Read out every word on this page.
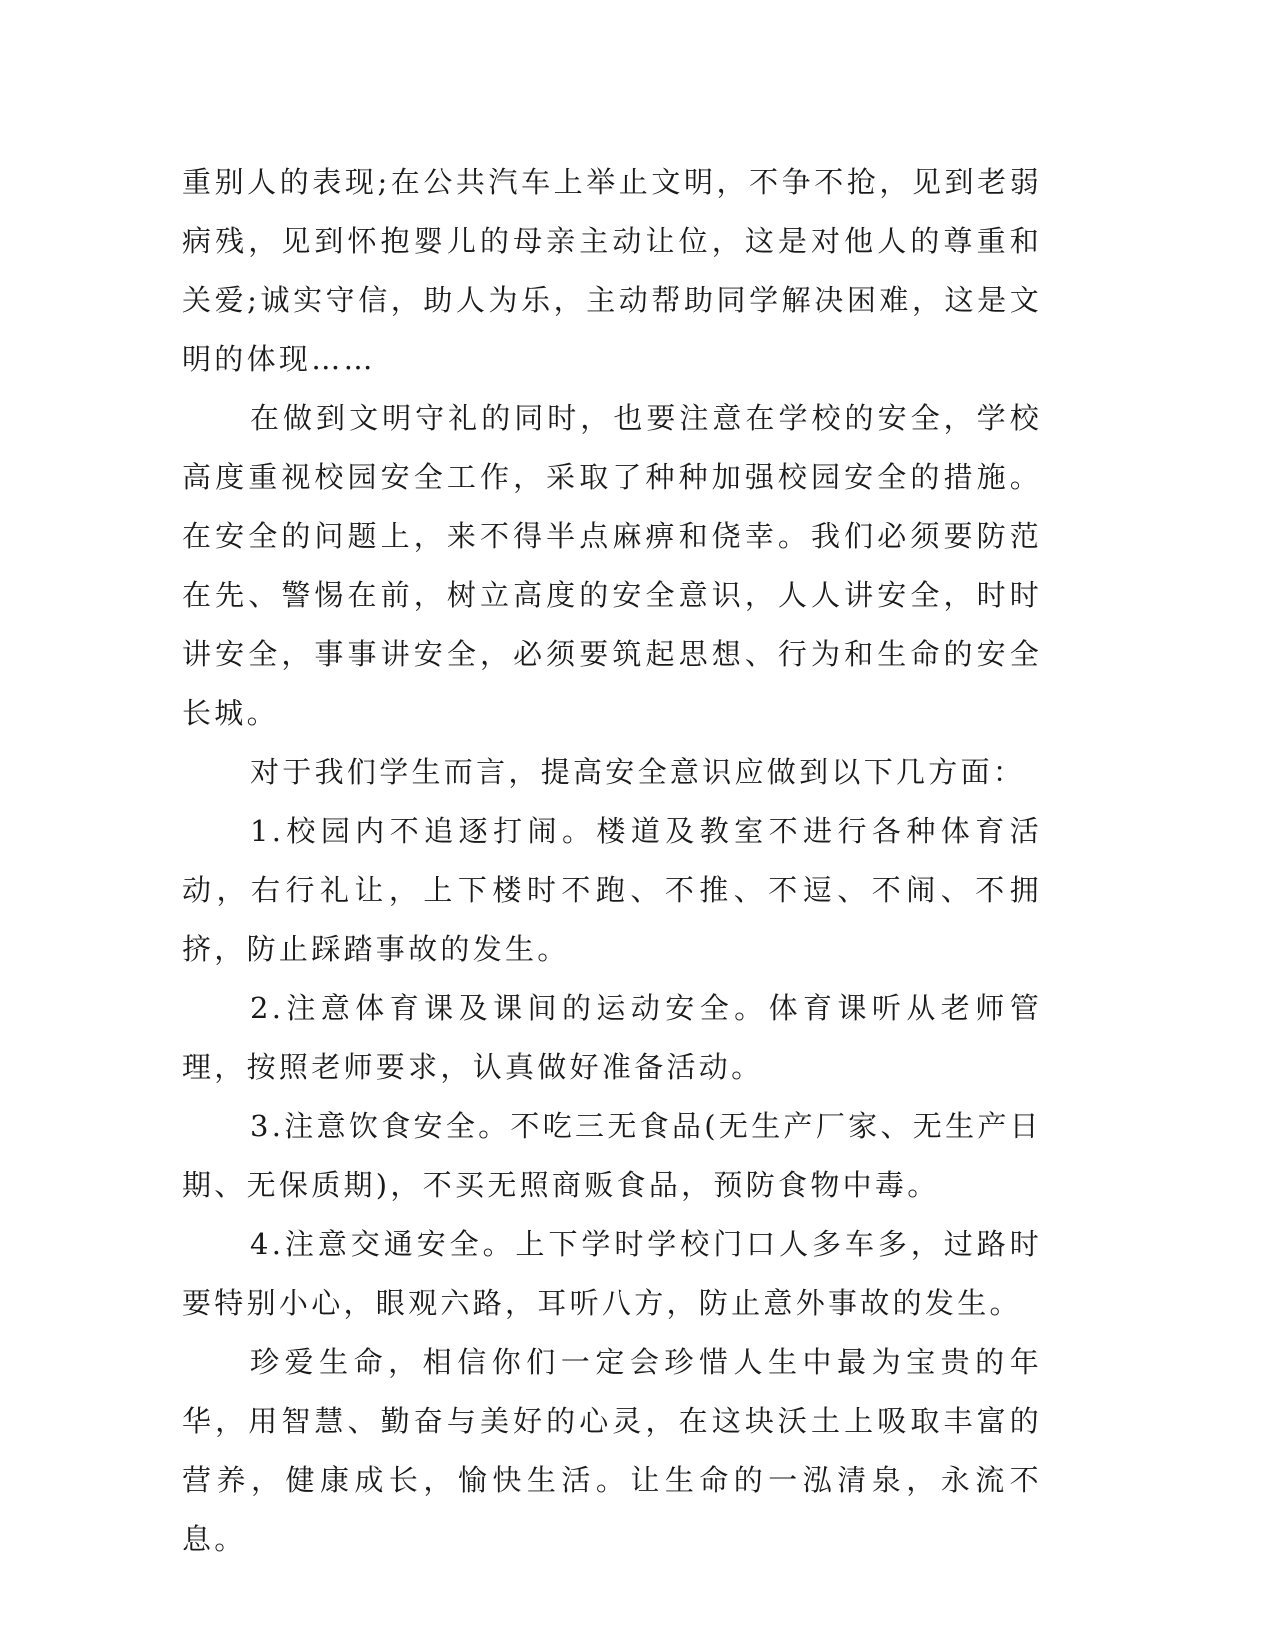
重别人的表现;在公共汽车上举止文明，不争不抢，见到老弱病残，见到怀抱婴儿的母亲主动让位，这是对他人的尊重和关爱;诚实守信，助人为乐，主动帮助同学解决困难，这是文明的体现……

在做到文明守礼的同时，也要注意在学校的安全，学校高度重视校园安全工作，采取了种种加强校园安全的措施。在安全的问题上，来不得半点麻痹和侥幸。我们必须要防范在先、警惕在前，树立高度的安全意识，人人讲安全，时时讲安全，事事讲安全，必须要筑起思想、行为和生命的安全长城。

对于我们学生而言，提高安全意识应做到以下几方面：

1.校园内不追逐打闹。楼道及教室不进行各种体育活动，右行礼让，上下楼时不跑、不推、不逗、不闹、不拥挤，防止踩踏事故的发生。

2.注意体育课及课间的运动安全。体育课听从老师管理，按照老师要求，认真做好准备活动。

3.注意饮食安全。不吃三无食品(无生产厂家、无生产日期、无保质期)，不买无照商贩食品，预防食物中毒。

4.注意交通安全。上下学时学校门口人多车多，过路时要特别小心，眼观六路，耳听八方，防止意外事故的发生。

珍爱生命，相信你们一定会珍惜人生中最为宝贵的年华，用智慧、勤奋与美好的心灵，在这块沃土上吸取丰富的营养，健康成长，愉快生活。让生命的一泓清泉，永流不息。
